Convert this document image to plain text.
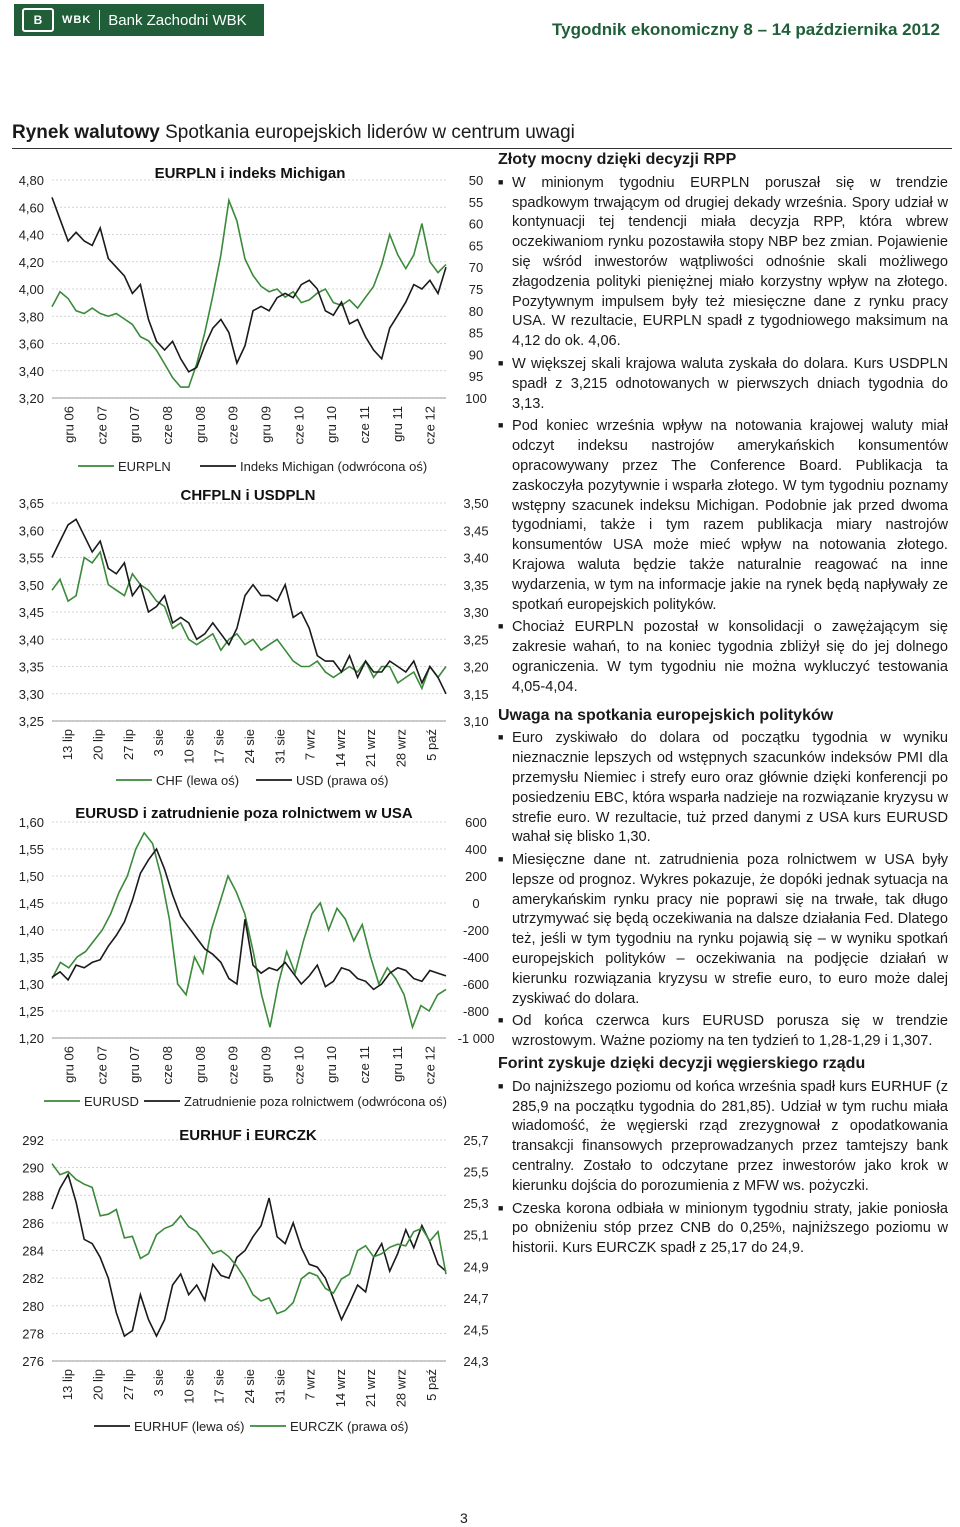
B	WBK Bank Zachodni WBK	Tygodnik ekonomiczny 8 – 14 października 2012
Rynek walutowy Spotkania europejskich liderów w centrum uwagi
3,20
3,40
3,60
3,80
4,00
4,20
4,40
4,60
4,80	50
55
60
65
70
75
80
85
90
95
100
gru 06 cze 07 gru 07 cze 08 gru 08 cze 09 gru 09 cze 10 gru 10 cze 11 gru 11 cze 12
EURPLN i indeks Michigan
EURPLN	Indeks Michigan (odwrócona oś)
3,25
3,30
3,35
3,40
3,45
3,50
3,55
3,60
3,65
3,10
3,15
3,20
3,25
3,30
3,35
3,40
3,45
3,50
13 lip 20 lip 27 lip 3 sie 10 sie 17 sie 24 sie 31 sie 7 wrz 14 wrz 21 wrz 28 wrz 5 paź
CHFPLN i USDPLN
CHF (lewa oś)	USD (prawa oś)
1,20
1,25
1,30
1,35
1,40
1,45
1,50
1,55
1,60	600
400
200
0
-200
-400
-600
-800
-1 000
gru 06 cze 07 gru 07 cze 08 gru 08 cze 09 gru 09 cze 10 gru 10 cze 11 gru 11 cze 12
EURUSD i zatrudnienie poza rolnictwem w USA
EURUSD	Zatrudnienie poza rolnictwem (odwrócona oś)
276
278
280
282
284
286
288
290
292
24,3
24,5
24,7
24,9
25,1
25,3
25,5
25,7
13 lip 20 lip 27 lip 3 sie 10 sie 17 sie 24 sie 31 sie 7 wrz 14 wrz 21 wrz 28 wrz 5 paź
EURHUF i EURCZK
EURHUF (lewa oś)	EURCZK (prawa oś)
Złoty mocny dzięki decyzji RPP

■ W minionym tygodniu EURPLN poruszał się w trendzie spadkowym trwającym od drugiej dekady września. Spory udział w kontynuacji tej tendencji miała decyzja RPP, która wbrew oczekiwaniom rynku pozostawiła stopy NBP bez zmian. Pojawienie się wśród inwestorów wątpliwości odnośnie skali możliwego złagodzenia polityki pieniężnej miało korzystny wpływ na złotego. Pozytywnym impulsem były też miesięczne dane z rynku pracy USA. W rezultacie, EURPLN spadł z tygodniowego maksimum na 4,12 do ok. 4,06.

■ W większej skali krajowa waluta zyskała do dolara. Kurs USDPLN spadł z 3,215 odnotowanych w pierwszych dniach tygodnia do 3,13.

■ Pod koniec września wpływ na notowania krajowej waluty miał odczyt indeksu nastrojów amerykańskich konsumentów opracowywany przez The Conference Board. Publikacja ta zaskoczyła pozytywnie i wsparła złotego. W tym tygodniu poznamy wstępny szacunek indeksu Michigan. Podobnie jak przed dwoma tygodniami, także i tym razem publikacja miary nastrojów konsumentów USA może mieć wpływ na notowania złotego. Krajowa waluta będzie także naturalnie reagować na inne wydarzenia, w tym na informacje jakie na rynek będą napływały ze spotkań europejskich polityków.

■ Chociaż EURPLN pozostał w konsolidacji o zawężającym się zakresie wahań, to na koniec tygodnia zbliżył się do jej dolnego ograniczenia. W tym tygodniu nie można wykluczyć testowania 4,05-4,04.

Uwaga na spotkania europejskich polityków

■ Euro zyskiwało do dolara od początku tygodnia w wyniku nieznacznie lepszych od wstępnych szacunków indeksów PMI dla przemysłu Niemiec i strefy euro oraz głównie dzięki konferencji po posiedzeniu EBC, która wsparła nadzieje na rozwiązanie kryzysu w strefie euro. W rezultacie, tuż przed danymi z USA kurs EURUSD wahał się blisko 1,30.

■ Miesięczne dane nt. zatrudnienia poza rolnictwem w USA były lepsze od prognoz. Wykres pokazuje, że dopóki jednak sytuacja na amerykańskim rynku pracy nie poprawi się na trwałe, tak długo utrzymywać się będą oczekiwania na dalsze działania Fed. Dlatego też, jeśli w tym tygodniu na rynku pojawią się – w wyniku spotkań europejskich polityków – oczekiwania na podjęcie działań w kierunku rozwiązania kryzysu w strefie euro, to euro może dalej zyskiwać do dolara.

■ Od końca czerwca kurs EURUSD porusza się w trendzie wzrostowym. Ważne poziomy na ten tydzień to 1,28-1,29 i 1,307.

Forint zyskuje dzięki decyzji węgierskiego rządu

■ Do najniższego poziomu od końca września spadł kurs EURHUF (z 285,9 na początku tygodnia do 281,85). Udział w tym ruchu miała wiadomość, że węgierski rząd zrezygnował z opodatkowania transakcji finansowych przeprowadzanych przez tamtejszy bank centralny. Zostało to odczytane przez inwestorów jako krok w kierunku dojścia do porozumienia z MFW ws. pożyczki.

■ Czeska korona odbiała w minionym tygodniu straty, jakie poniosła po obniżeniu stóp przez CNB do 0,25%, najniższego poziomu w historii. Kurs EURCZK spadł z 25,17 do 24,9.

3
